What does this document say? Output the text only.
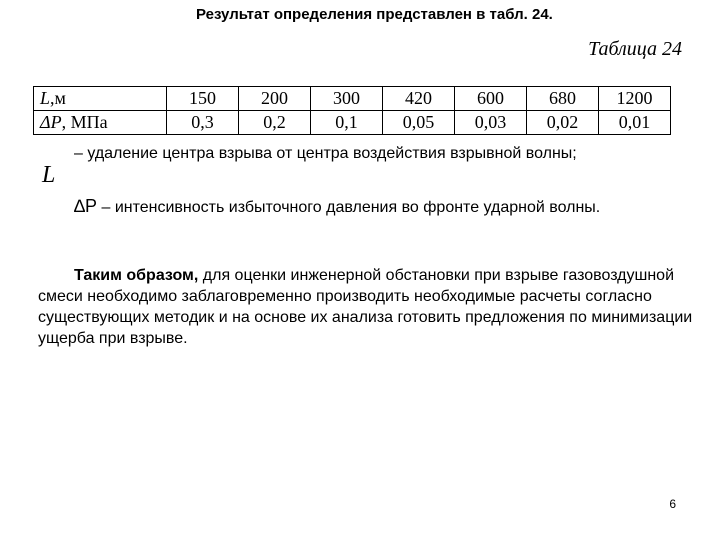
Результат определения представлен в табл. 24.
Таблица 24
L,м	150	200	300	420	600	680	1200
ΔP, МПа	0,3	0,2	0,1	0,05	0,03	0,02	0,01
L
– удаление центра взрыва от центра воздействия взрывной волны;
∆P – интенсивность избыточного давления во фронте ударной волны.
Таким образом, для оценки инженерной обстановки при взрыве газовоздушной смеси необходимо заблаговременно производить необходимые расчеты согласно существующих методик и на основе их анализа готовить предложения по минимизации ущерба при взрыве.
6
